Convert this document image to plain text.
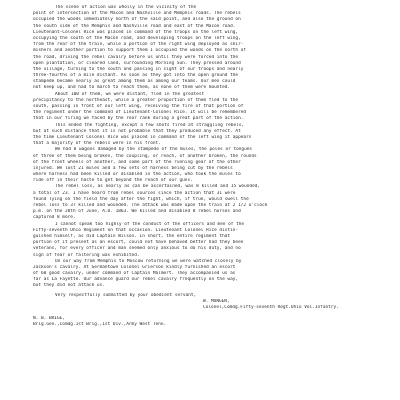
The scene of action was wholly in the vicinity of the
point of intersection of the Macon and Nashville and Memphis roads. The rebels
occupied the woods immediately north of the said point, and also the ground on
the south side of the Memphis and Nashville road and east of the Macon road.
Lieutenant-Colonel Rice was placed in command of the troops on the left wing,
occupying the south of the Macon road, and developing troops on the left wing,
from the rear of the train, while a portion of the right wing deployed as skir-
mishers and another portion to support them I occupied the woods on the north of
the road, driving the rebel cavalry before us until they were forced into the
open plantation, or cleared land, surrounding Morning Sun. They pressed around
the village, turning to the south and passing in sight of our troops and nearly
three-fourths of a mile distant. As soon as they got into the open ground the
stampede became nearly as great among them as among our teams. Our men could
not keep up, and had to march to reach them, as none of them were mounted.
About 100 of them, we were distant, fled in the greatest
precipitancy to the northeast, while a greater proportion of them fled to the
south, passing in front of our left wing, receiving the fire of that portion of
the regiment under the command of Lieutenant-Colonel Rice. It will be remembered
that in our firing we faced by the rear rank during a great part of the action.
This ended the fighting, except a few shots fired at straggling rebels,
but at such distance that it is not probable that they produced any effect. At
the time Lieutenant Colonel Rice was placed in command of the left wing it appears
that a majority of the rebels were in his front.
We had 8 wagons damaged by the stampede of the mules, the poles or tongues
of three of them being broken, the coupling, or reach, of another broken, the rounds
of the front wheels of another, and some part of the running gear of the other
injured. We lost 21 mules and a few sets of harness being cut by the rebels
where harness had been killed or disabled in the action, who took the mules to
ride off in their haste to get beyond the reach of our guns.
The rebel loss, as nearly as can be ascertained, was 8 killed and 15 wounded,
a total of 23. I have heard from rebel sources since the action that 31 were
found lying on the field the day after the fight, which, if true, would swell the
rebel loss to 37 killed and wounded. The attack was made upon the train at 2 1/2 o'clock
p.m. on the 20th of June, A.D. 1863. We killed and disabled 8 rebel horses and
captured 8 more.
I cannot speak too highly of the conduct of the officers and men of the
Fifty-seventh Ohio Regiment on that occasion. Lieutenant Colonel Rice distin-
guished himself, as did Captain Wilson. In short, the entire regiment that
portion of it present as an escort, could not have behaved better had they been
veterans, for every officer and man seemed only anxious to do his duty, and no
sign of fear or faltering was exhibited.
On our way from Memphis to Moscow returning we were watched closely by
Jackson's cavalry. At Germantown Colonel Grierson kindly furnished an escort
of 60 good cavalry, under command of Captain Malmert. They accompanied us as
far as La Fayette. Our advance guard our rebel cavalry frequently on the way,
but they did not attack us.
Very respectfully submitted by your obedient servant,
W. MUNGEN,
Colonel,Comdg.Fifty-seventh Regt.Ohio Vol.Infantry.
N. B. BRIGE,
Brig.Gen.,Comdg.1st Brig.,1st Div.,Army West Tenn.
